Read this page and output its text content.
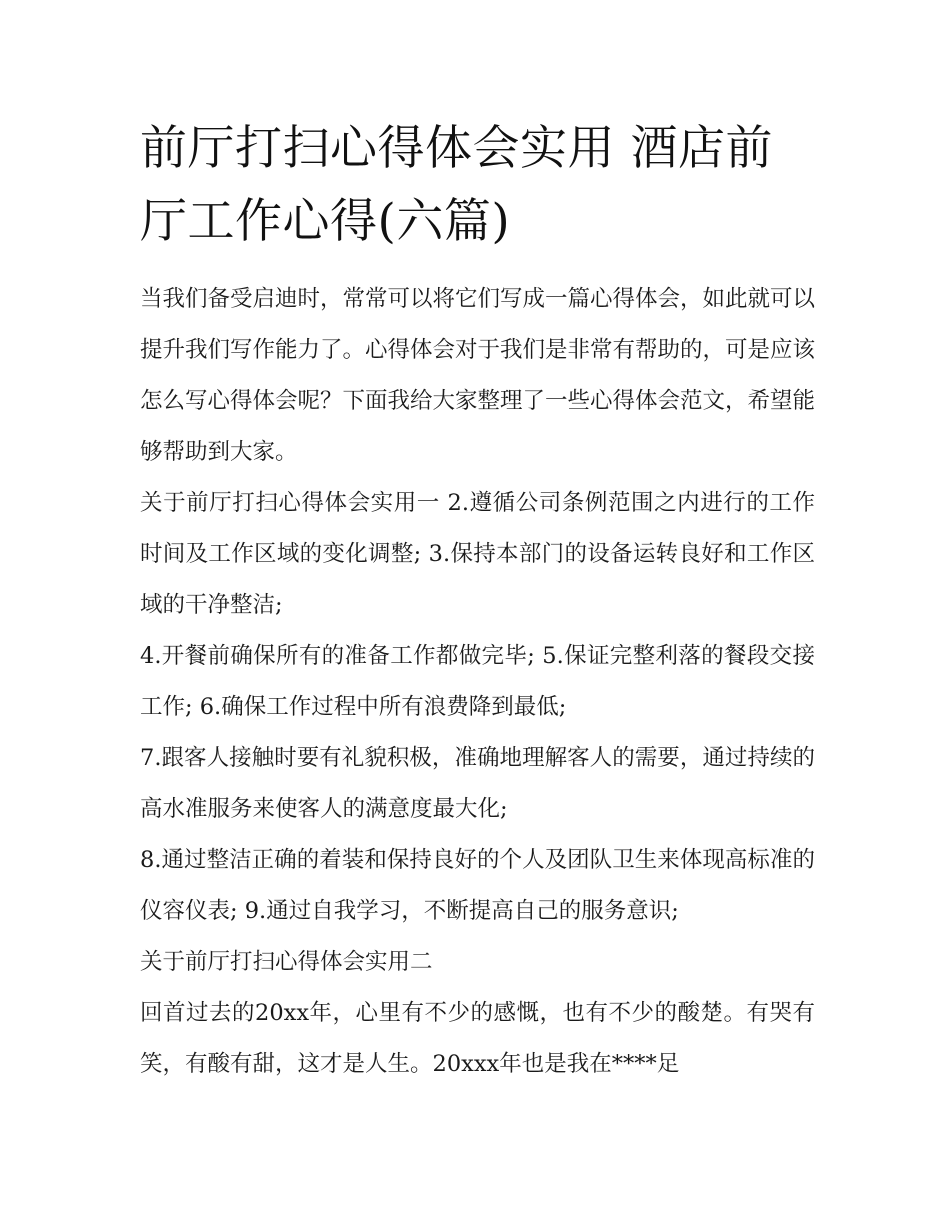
前厅打扫心得体会实用 酒店前厅工作心得(六篇)

当我们备受启迪时，常常可以将它们写成一篇心得体会，如此就可以提升我们写作能力了。心得体会对于我们是非常有帮助的，可是应该怎么写心得体会呢？下面我给大家整理了一些心得体会范文，希望能够帮助到大家。

关于前厅打扫心得体会实用一 2.遵循公司条例范围之内进行的工作时间及工作区域的变化调整; 3.保持本部门的设备运转良好和工作区域的干净整洁;

4.开餐前确保所有的准备工作都做完毕; 5.保证完整利落的餐段交接工作; 6.确保工作过程中所有浪费降到最低;

7.跟客人接触时要有礼貌积极，准确地理解客人的需要，通过持续的高水准服务来使客人的满意度最大化;

8.通过整洁正确的着装和保持良好的个人及团队卫生来体现高标准的仪容仪表; 9.通过自我学习，不断提高自己的服务意识;

关于前厅打扫心得体会实用二

回首过去的20xx年，心里有不少的感慨，也有不少的酸楚。有哭有笑，有酸有甜，这才是人生。20xxx年也是我在****足
